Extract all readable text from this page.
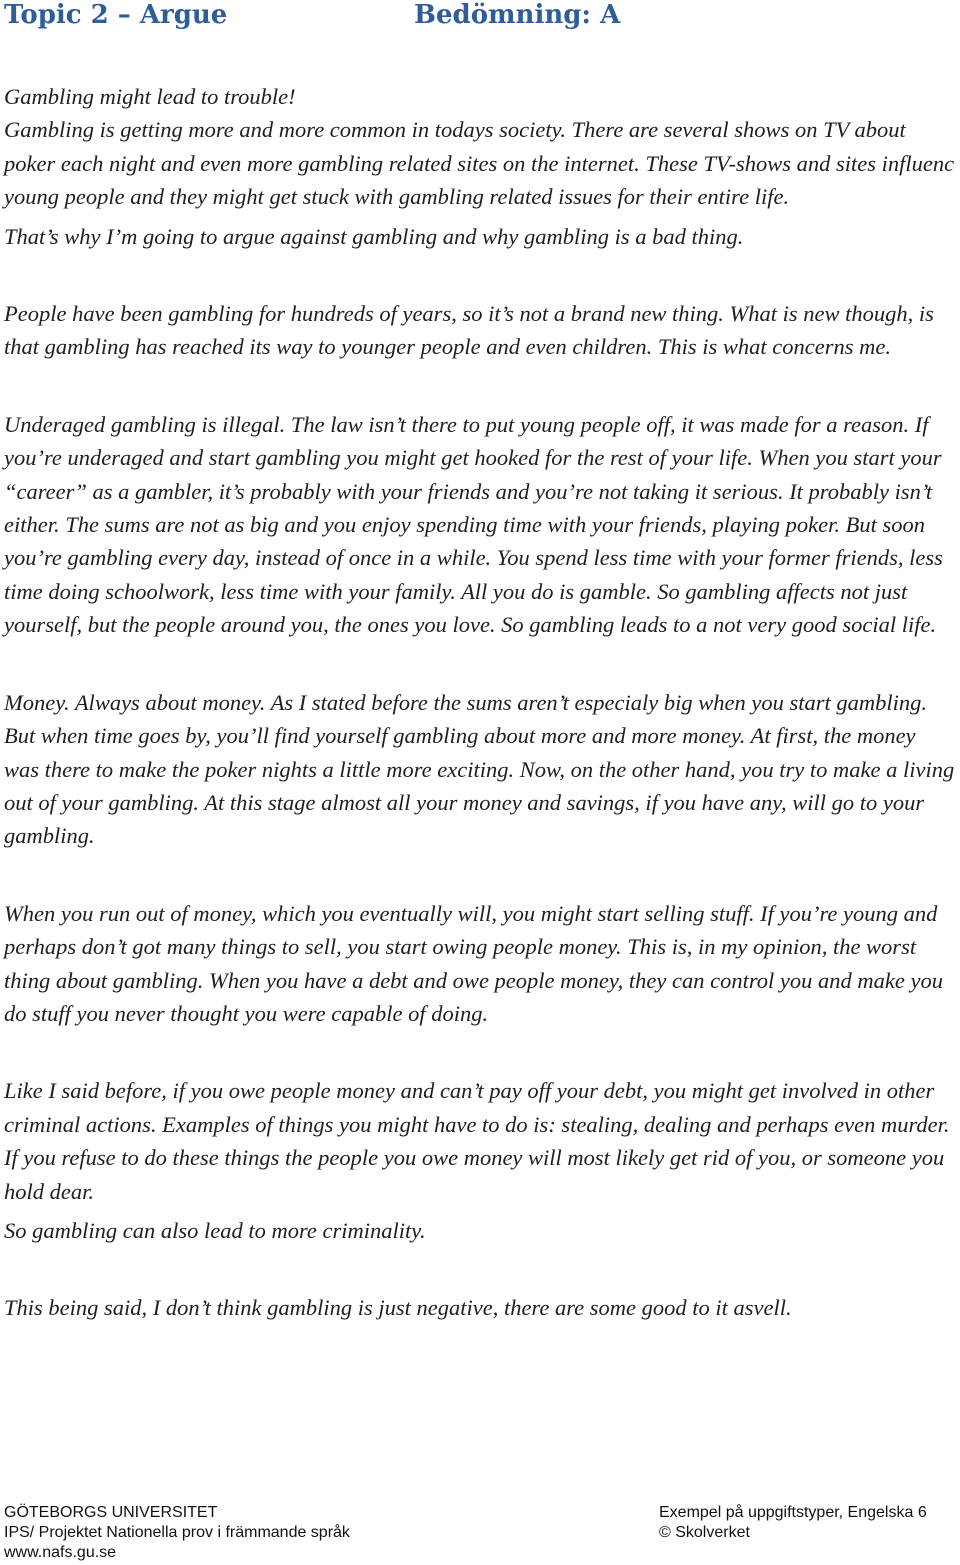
Topic 2 – Argue	Bedömning: A

Gambling might lead to trouble!

Gambling is getting more and more common in todays society. There are several shows on TV about poker each night and even more gambling related sites on the internet. These TV-shows and sites influenc young people and they might get stuck with gambling related issues for their entire life.

That’s why I’m going to argue against gambling and why gambling is a bad thing.

People have been gambling for hundreds of years, so it’s not a brand new thing. What is new though, is that gambling has reached its way to younger people and even children. This is what concerns me.

Underaged gambling is illegal. The law isn’t there to put young people off, it was made for a reason. If you’re underaged and start gambling you might get hooked for the rest of your life. When you start your “career” as a gambler, it’s probably with your friends and you’re not taking it serious. It probably isn’t either. The sums are not as big and you enjoy spending time with your friends, playing poker. But soon you’re gambling every day, instead of once in a while. You spend less time with your former friends, less time doing schoolwork, less time with your family. All you do is gamble. So gambling affects not just yourself, but the people around you, the ones you love. So gambling leads to a not very good social life.

Money. Always about money. As I stated before the sums aren’t especialy big when you start gambling. But when time goes by, you’ll find yourself gambling about more and more money. At first, the money was there to make the poker nights a little more exciting. Now, on the other hand, you try to make a living out of your gambling. At this stage almost all your money and savings, if you have any, will go to your gambling.

When you run out of money, which you eventually will, you might start selling stuff. If you’re young and perhaps don’t got many things to sell, you start owing people money. This is, in my opinion, the worst thing about gambling. When you have a debt and owe people money, they can control you and make you do stuff you never thought you were capable of doing.

Like I said before, if you owe people money and can’t pay off your debt, you might get involved in other criminal actions. Examples of things you might have to do is: stealing, dealing and perhaps even murder. If you refuse to do these things the people you owe money will most likely get rid of you, or someone you hold dear.

So gambling can also lead to more criminality.

This being said, I don’t think gambling is just negative, there are some good to it asvell.

GÖTEBORGS UNIVERSITET
IPS/ Projektet Nationella prov i främmande språk
www.nafs.gu.se
Exempel på uppgiftstyper, Engelska 6
© Skolverket
